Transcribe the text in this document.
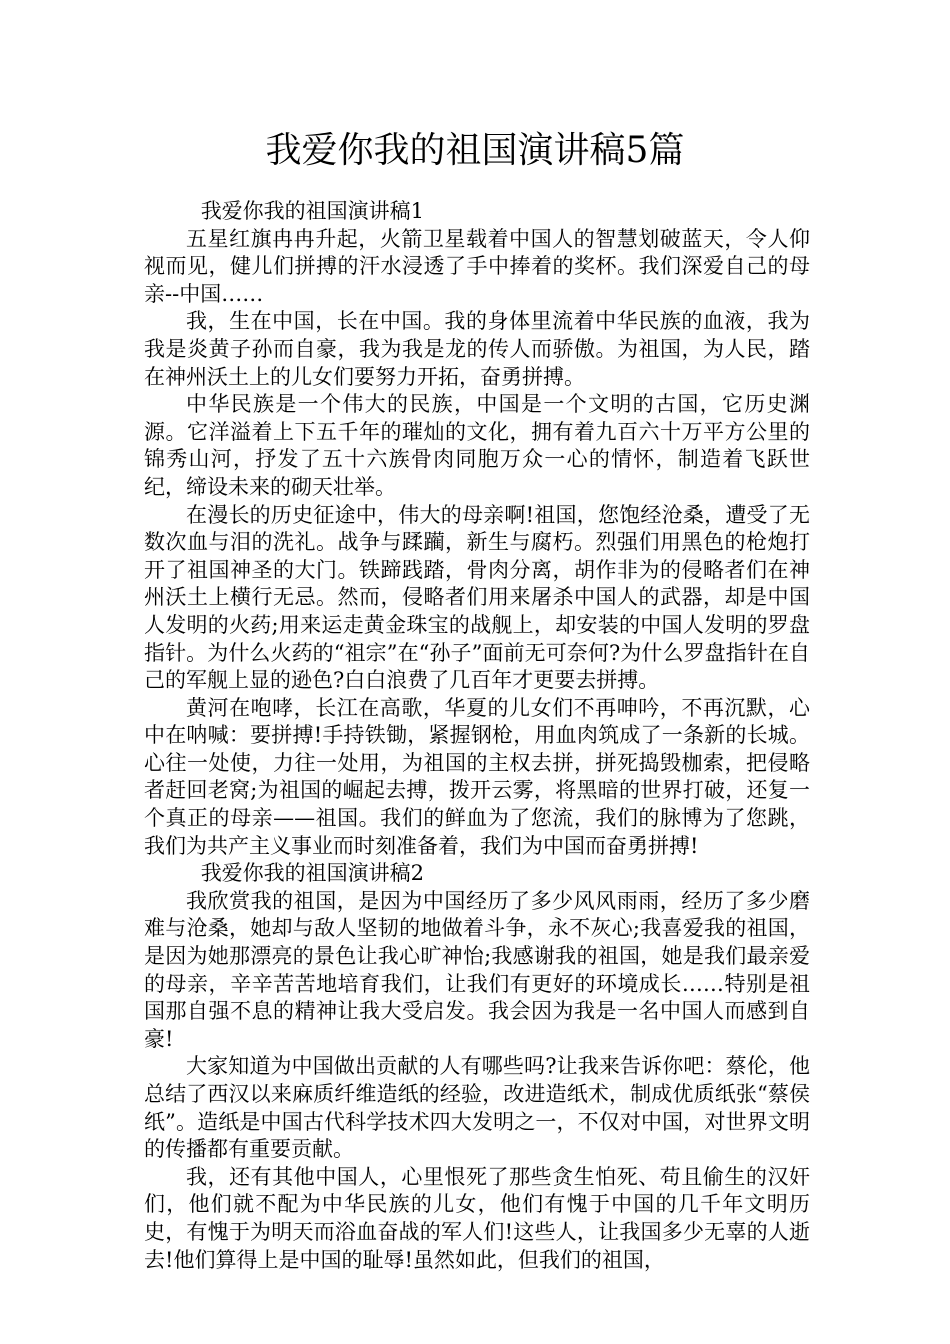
我爱你我的祖国演讲稿5篇

我爱你我的祖国演讲稿1

五星红旗冉冉升起，火箭卫星载着中国人的智慧划破蓝天，令人仰视而见，健儿们拼搏的汗水浸透了手中捧着的奖杯。我们深爱自己的母亲--中国……

我，生在中国，长在中国。我的身体里流着中华民族的血液，我为我是炎黄子孙而自豪，我为我是龙的传人而骄傲。为祖国，为人民，踏在神州沃土上的儿女们要努力开拓，奋勇拼搏。

中华民族是一个伟大的民族，中国是一个文明的古国，它历史渊源。它洋溢着上下五千年的璀灿的文化，拥有着九百六十万平方公里的锦秀山河，抒发了五十六族骨肉同胞万众一心的情怀，制造着飞跃世纪，缔设未来的砌天壮举。

在漫长的历史征途中，伟大的母亲啊!祖国，您饱经沧桑，遭受了无数次血与泪的洗礼。战争与蹂躏，新生与腐朽。烈强们用黑色的枪炮打开了祖国神圣的大门。铁蹄践踏，骨肉分离，胡作非为的侵略者们在神州沃土上横行无忌。然而，侵略者们用来屠杀中国人的武器，却是中国人发明的火药;用来运走黄金珠宝的战舰上，却安装的中国人发明的罗盘指针。为什么火药的“祖宗”在“孙子”面前无可奈何?为什么罗盘指针在自己的军舰上显的逊色?白白浪费了几百年才更要去拼搏。

黄河在咆哮，长江在高歌，华夏的儿女们不再呻吟，不再沉默，心中在呐喊：要拼搏!手持铁锄，紧握钢枪，用血肉筑成了一条新的长城。心往一处使，力往一处用，为祖国的主权去拼，拼死捣毁枷索，把侵略者赶回老窝;为祖国的崛起去搏，拨开云雾，将黑暗的世界打破，还复一个真正的母亲——祖国。我们的鲜血为了您流，我们的脉博为了您跳，我们为共产主义事业而时刻准备着，我们为中国而奋勇拼搏!

我爱你我的祖国演讲稿2

我欣赏我的祖国，是因为中国经历了多少风风雨雨，经历了多少磨难与沧桑，她却与敌人坚韧的地做着斗争，永不灰心;我喜爱我的祖国，是因为她那漂亮的景色让我心旷神怡;我感谢我的祖国，她是我们最亲爱的母亲，辛辛苦苦地培育我们，让我们有更好的环境成长……特别是祖国那自强不息的精神让我大受启发。我会因为我是一名中国人而感到自豪!

大家知道为中国做出贡献的人有哪些吗?让我来告诉你吧：蔡伦，他总结了西汉以来麻质纤维造纸的经验，改进造纸术，制成优质纸张“蔡侯纸”。造纸是中国古代科学技术四大发明之一，不仅对中国，对世界文明的传播都有重要贡献。

我，还有其他中国人，心里恨死了那些贪生怕死、苟且偷生的汉奸们，他们就不配为中华民族的儿女，他们有愧于中国的几千年文明历史，有愧于为明天而浴血奋战的军人们!这些人，让我国多少无辜的人逝去!他们算得上是中国的耻辱!虽然如此，但我们的祖国，
